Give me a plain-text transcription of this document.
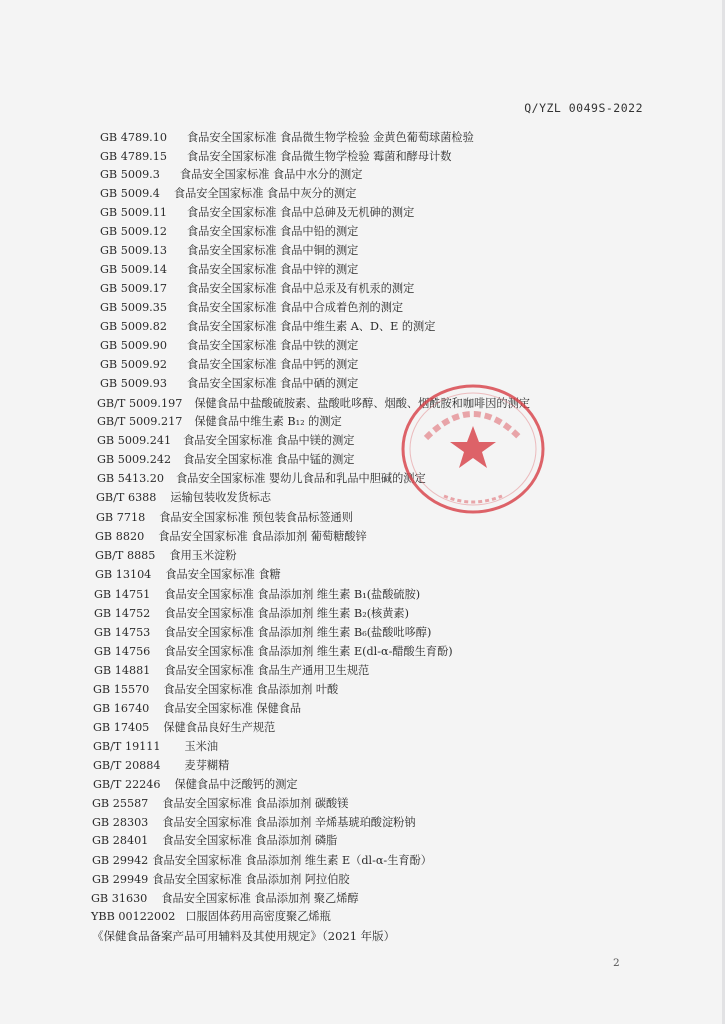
Q/YZL 0049S-2022
GB 4789.10 食品安全国家标准 食品微生物学检验 金黄色葡萄球菌检验
GB 4789.15 食品安全国家标准 食品微生物学检验 霉菌和酵母计数
GB 5009.3 食品安全国家标准 食品中水分的测定
GB 5009.4 食品安全国家标准 食品中灰分的测定
GB 5009.11 食品安全国家标准 食品中总砷及无机砷的测定
GB 5009.12 食品安全国家标准 食品中铅的测定
GB 5009.13 食品安全国家标准 食品中铜的测定
GB 5009.14 食品安全国家标准 食品中锌的测定
GB 5009.17 食品安全国家标准 食品中总汞及有机汞的测定
GB 5009.35 食品安全国家标准 食品中合成着色剂的测定
GB 5009.82 食品安全国家标准 食品中维生素 A、D、E 的测定
GB 5009.90 食品安全国家标准 食品中铁的测定
GB 5009.92 食品安全国家标准 食品中钙的测定
GB 5009.93 食品安全国家标准 食品中硒的测定
GB/T 5009.197 保健食品中盐酸硫胺素、盐酸吡哆醇、烟酸、烟酰胺和咖啡因的测定
GB/T 5009.217 保健食品中维生素 B₁₂ 的测定
GB 5009.241 食品安全国家标准 食品中镁的测定
GB 5009.242 食品安全国家标准 食品中锰的测定
GB 5413.20 食品安全国家标准 婴幼儿食品和乳品中胆碱的测定
GB/T 6388 运输包装收发货标志
GB 7718 食品安全国家标准 预包装食品标签通则
GB 8820 食品安全国家标准 食品添加剂 葡萄糖酸锌
GB/T 8885 食用玉米淀粉
GB 13104 食品安全国家标准 食糖
GB 14751 食品安全国家标准 食品添加剂 维生素 B₁(盐酸硫胺)
GB 14752 食品安全国家标准 食品添加剂 维生素 B₂(核黄素)
GB 14753 食品安全国家标准 食品添加剂 维生素 B₆(盐酸吡哆醇)
GB 14756 食品安全国家标准 食品添加剂 维生素 E(dl-α-醋酸生育酚)
GB 14881 食品安全国家标准 食品生产通用卫生规范
GB 15570 食品安全国家标准 食品添加剂 叶酸
GB 16740 食品安全国家标准 保健食品
GB 17405 保健食品良好生产规范
GB/T 19111 玉米油
GB/T 20884 麦芽糊精
GB/T 22246 保健食品中泛酸钙的测定
GB 25587 食品安全国家标准 食品添加剂 碳酸镁
GB 28303 食品安全国家标准 食品添加剂 辛烯基琥珀酸淀粉钠
GB 28401 食品安全国家标准 食品添加剂 磷脂
GB 29942 食品安全国家标准 食品添加剂 维生素 E（dl-α-生育酚）
GB 29949 食品安全国家标准 食品添加剂 阿拉伯胶
GB 31630 食品安全国家标准 食品添加剂 聚乙烯醇
YBB 00122002 口服固体药用高密度聚乙烯瓶
《保健食品备案产品可用辅料及其使用规定》（2021 年版）
2
